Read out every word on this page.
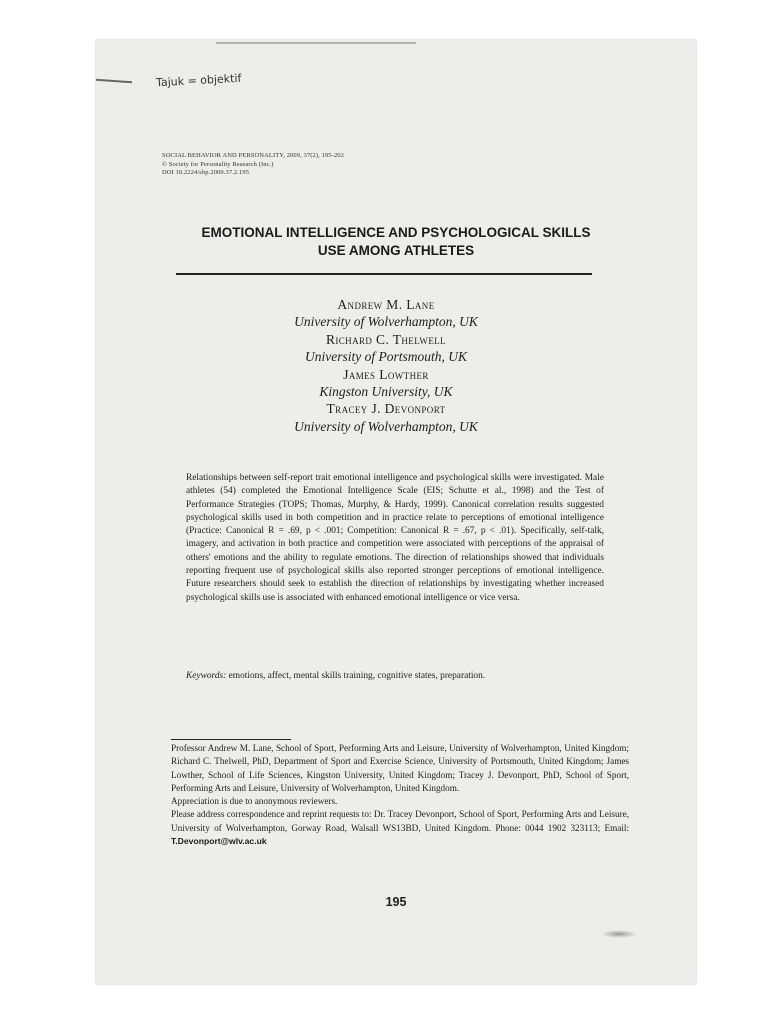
Tajuk = objektif
SOCIAL BEHAVIOR AND PERSONALITY, 2009, 37(2), 195-202
© Society for Personality Research (Inc.)
DOI 10.2224/sbp.2009.37.2.195
EMOTIONAL INTELLIGENCE AND PSYCHOLOGICAL SKILLS
USE AMONG ATHLETES
Andrew M. Lane
University of Wolverhampton, UK
Richard C. Thelwell
University of Portsmouth, UK
James Lowther
Kingston University, UK
Tracey J. Devonport
University of Wolverhampton, UK
Relationships between self-report trait emotional intelligence and psychological skills were investigated. Male athletes (54) completed the Emotional Intelligence Scale (EIS; Schutte et al., 1998) and the Test of Performance Strategies (TOPS; Thomas, Murphy, & Hardy, 1999). Canonical correlation results suggested psychological skills used in both competition and in practice relate to perceptions of emotional intelligence (Practice: Canonical R = .69, p < .001; Competition: Canonical R = .67, p < .01). Specifically, self-talk, imagery, and activation in both practice and competition were associated with perceptions of the appraisal of others' emotions and the ability to regulate emotions. The direction of relationships showed that individuals reporting frequent use of psychological skills also reported stronger perceptions of emotional intelligence. Future researchers should seek to establish the direction of relationships by investigating whether increased psychological skills use is associated with enhanced emotional intelligence or vice versa.
Keywords: emotions, affect, mental skills training, cognitive states, preparation.

Professor Andrew M. Lane, School of Sport, Performing Arts and Leisure, University of Wolverhampton, United Kingdom; Richard C. Thelwell, PhD, Department of Sport and Exercise Science, University of Portsmouth, United Kingdom; James Lowther, School of Life Sciences, Kingston University, United Kingdom; Tracey J. Devonport, PhD, School of Sport, Performing Arts and Leisure, University of Wolverhampton, United Kingdom.

Appreciation is due to anonymous reviewers.

Please address correspondence and reprint requests to: Dr. Tracey Devonport, School of Sport, Performing Arts and Leisure, University of Wolverhampton, Gorway Road, Walsall WS13BD, United Kingdom. Phone: 0044 1902 323113; Email: T.Devonport@wlv.ac.uk

195
